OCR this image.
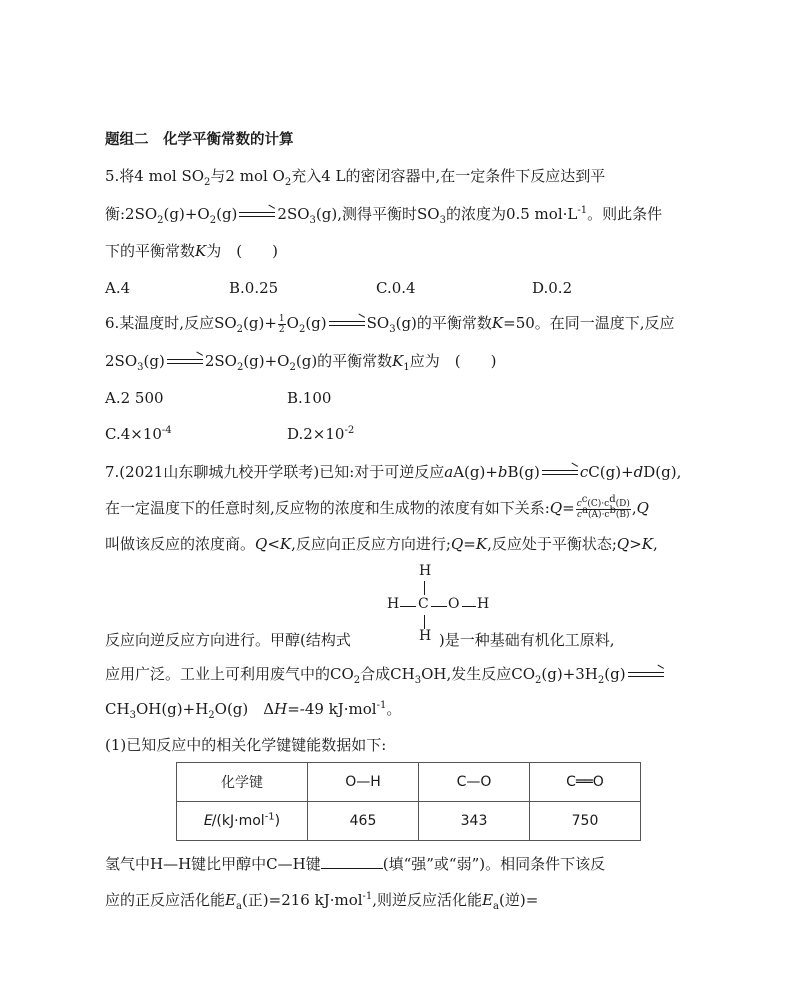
题组二　化学平衡常数的计算
5.将4 mol $SO_2$与2 mol $O_2$充入4 L的密闭容器中,在一定条件下反应达到平
衡$:2SO_2(g)+O_2(g) \to 2SO_3(g)$,测得平衡时$SO_3$的浓度为0.5 $mol\cdot L^{-1}$。则此条件
下的平衡常数K为　(　　)
A.4	B.0.25	C.0.4	D.0.2
6.某温度时,反应$SO_2(g)+ \frac{1}{2} O_2(g) \to SO_3(g)$的平衡常数K=50。在同一温度下,反应
$2SO_3(g) \to 2SO_2(g)+O_2(g)$的平衡常数$K_1$应为　(　　)
A.2 500	B.100
$C.4\times 10^{-4}$	$D.2\times 10^{-2}$
7.(2021山东聊城九校开学联考)已知:对于可逆反应aA(g)+bB(g) → cC(g)+dD(g),
在一定温度下的任意时刻,反应物的浓度和生成物的浓度有如下关系:Q= $\frac{c^c(C)\cdot c^d(D)}{c^a(A)\cdot c^b(B)} ,Q$
叫做该反应的浓度商。Q<K,反应向正反应方向进行;Q=K,反应处于平衡状态;Q>K,
H
H C O H
H
反应向逆反应方向进行。甲醇(结构式	)是一种基础有机化工原料,
应用广泛。工业上可利用废气中的$CO_2$合成$CH_3OH$,发生反应$CO_2(g)+3H_2(g)$ →
$CH_3OH(g)+H_2O(g)$　ΔH=-49 kJ·mol$^{-1}$。
(1)已知反应中的相关化学键键能数据如下:
化学键	O—H	C—O	C══O
E/(kJ·mol$^{-1}$)	465	343	750
氢气中H—H键比甲醇中C—H键	(填“强”或“弱”)。相同条件下该反
应的正反应活化能$E_a$(正)=216 kJ·mol$^{-1}$,则逆反应活化能$E_a$(逆)=
